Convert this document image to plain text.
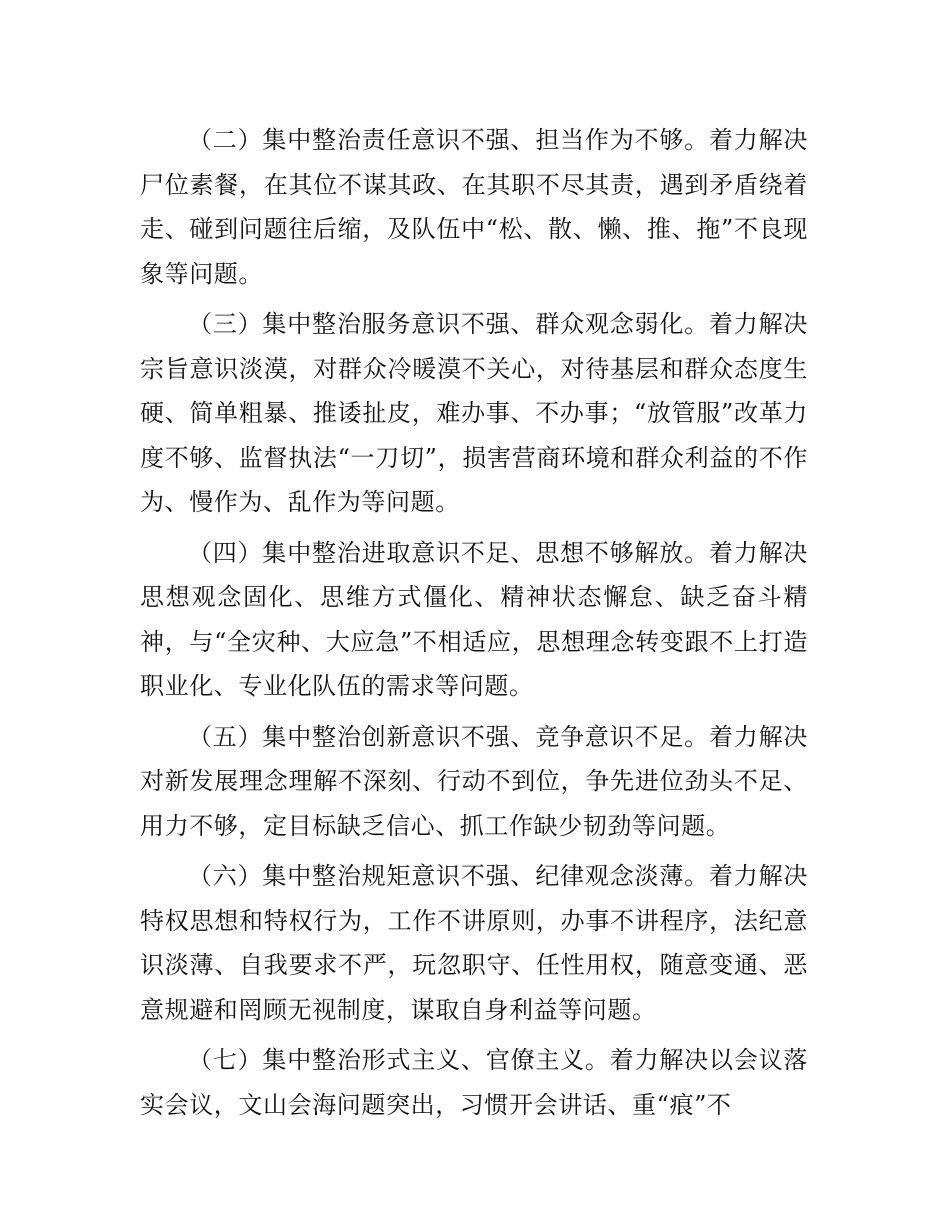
（二）集中整治责任意识不强、担当作为不够。着力解决尸位素餐，在其位不谋其政、在其职不尽其责，遇到矛盾绕着走、碰到问题往后缩，及队伍中“松、散、懒、推、拖”不良现象等问题。

（三）集中整治服务意识不强、群众观念弱化。着力解决宗旨意识淡漠，对群众冷暖漠不关心，对待基层和群众态度生硬、简单粗暴、推诿扯皮，难办事、不办事；“放管服”改革力度不够、监督执法“一刀切”，损害营商环境和群众利益的不作为、慢作为、乱作为等问题。

（四）集中整治进取意识不足、思想不够解放。着力解决思想观念固化、思维方式僵化、精神状态懈怠、缺乏奋斗精神，与“全灾种、大应急”不相适应，思想理念转变跟不上打造职业化、专业化队伍的需求等问题。

（五）集中整治创新意识不强、竞争意识不足。着力解决对新发展理念理解不深刻、行动不到位，争先进位劲头不足、用力不够，定目标缺乏信心、抓工作缺少韧劲等问题。

（六）集中整治规矩意识不强、纪律观念淡薄。着力解决特权思想和特权行为，工作不讲原则，办事不讲程序，法纪意识淡薄、自我要求不严，玩忽职守、任性用权，随意变通、恶意规避和罔顾无视制度，谋取自身利益等问题。

（七）集中整治形式主义、官僚主义。着力解决以会议落实会议，文山会海问题突出，习惯开会讲话、重“痕”不
